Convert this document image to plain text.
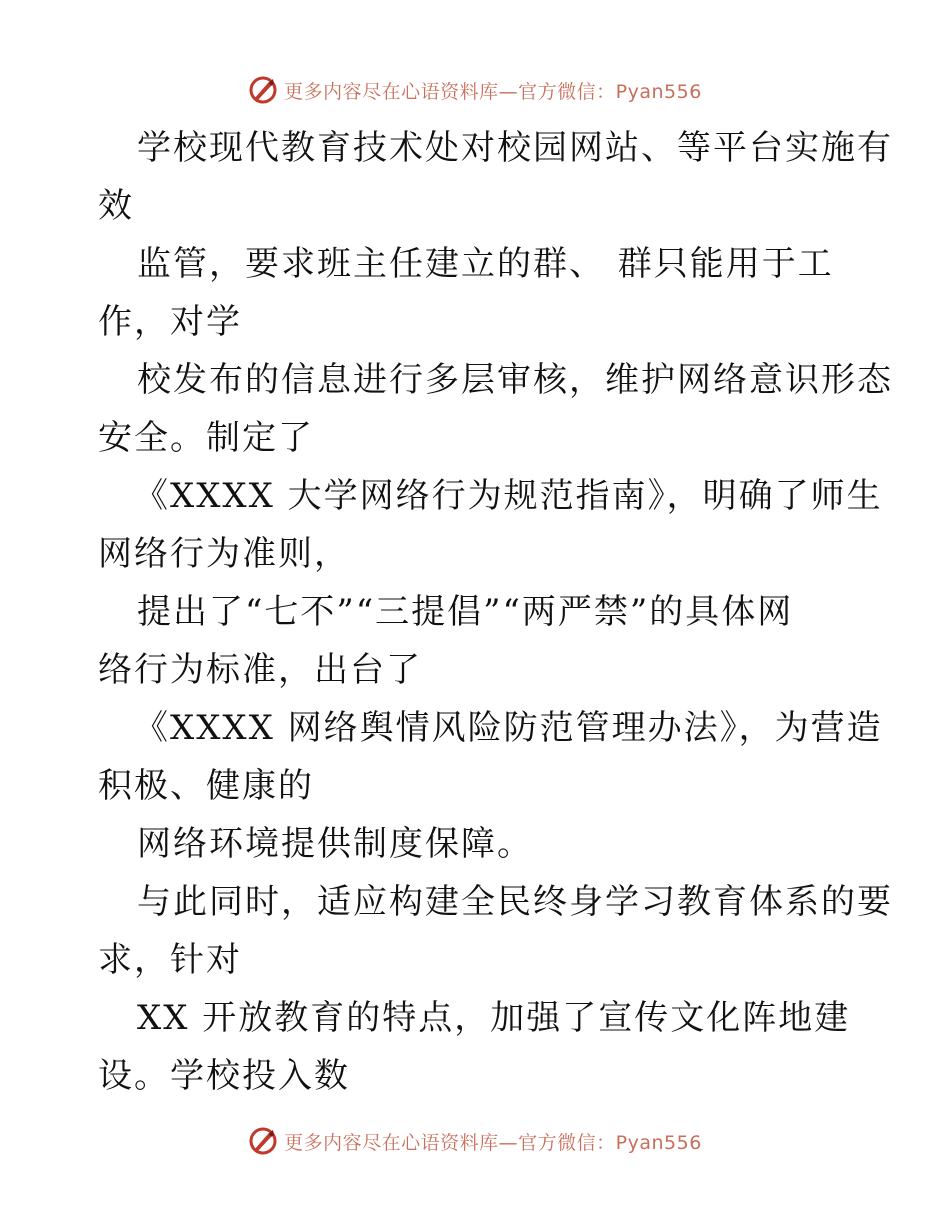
更多内容尽在心语资料库—官方微信：Pyan556
学校现代教育技术处对校园网站、等平台实施有
效
监管，要求班主任建立的群、 群只能用于工
作，对学
校发布的信息进行多层审核，维护网络意识形态
安全。制定了
《XXXX 大学网络行为规范指南》，明确了师生
网络行为准则，
提出了“七不”“三提倡”“两严禁”的具体网
络行为标准，出台了
《XXXX 网络舆情风险防范管理办法》，为营造
积极、健康的
网络环境提供制度保障。
与此同时，适应构建全民终身学习教育体系的要
求，针对
XX 开放教育的特点，加强了宣传文化阵地建
设。学校投入数
更多内容尽在心语资料库—官方微信：Pyan556
